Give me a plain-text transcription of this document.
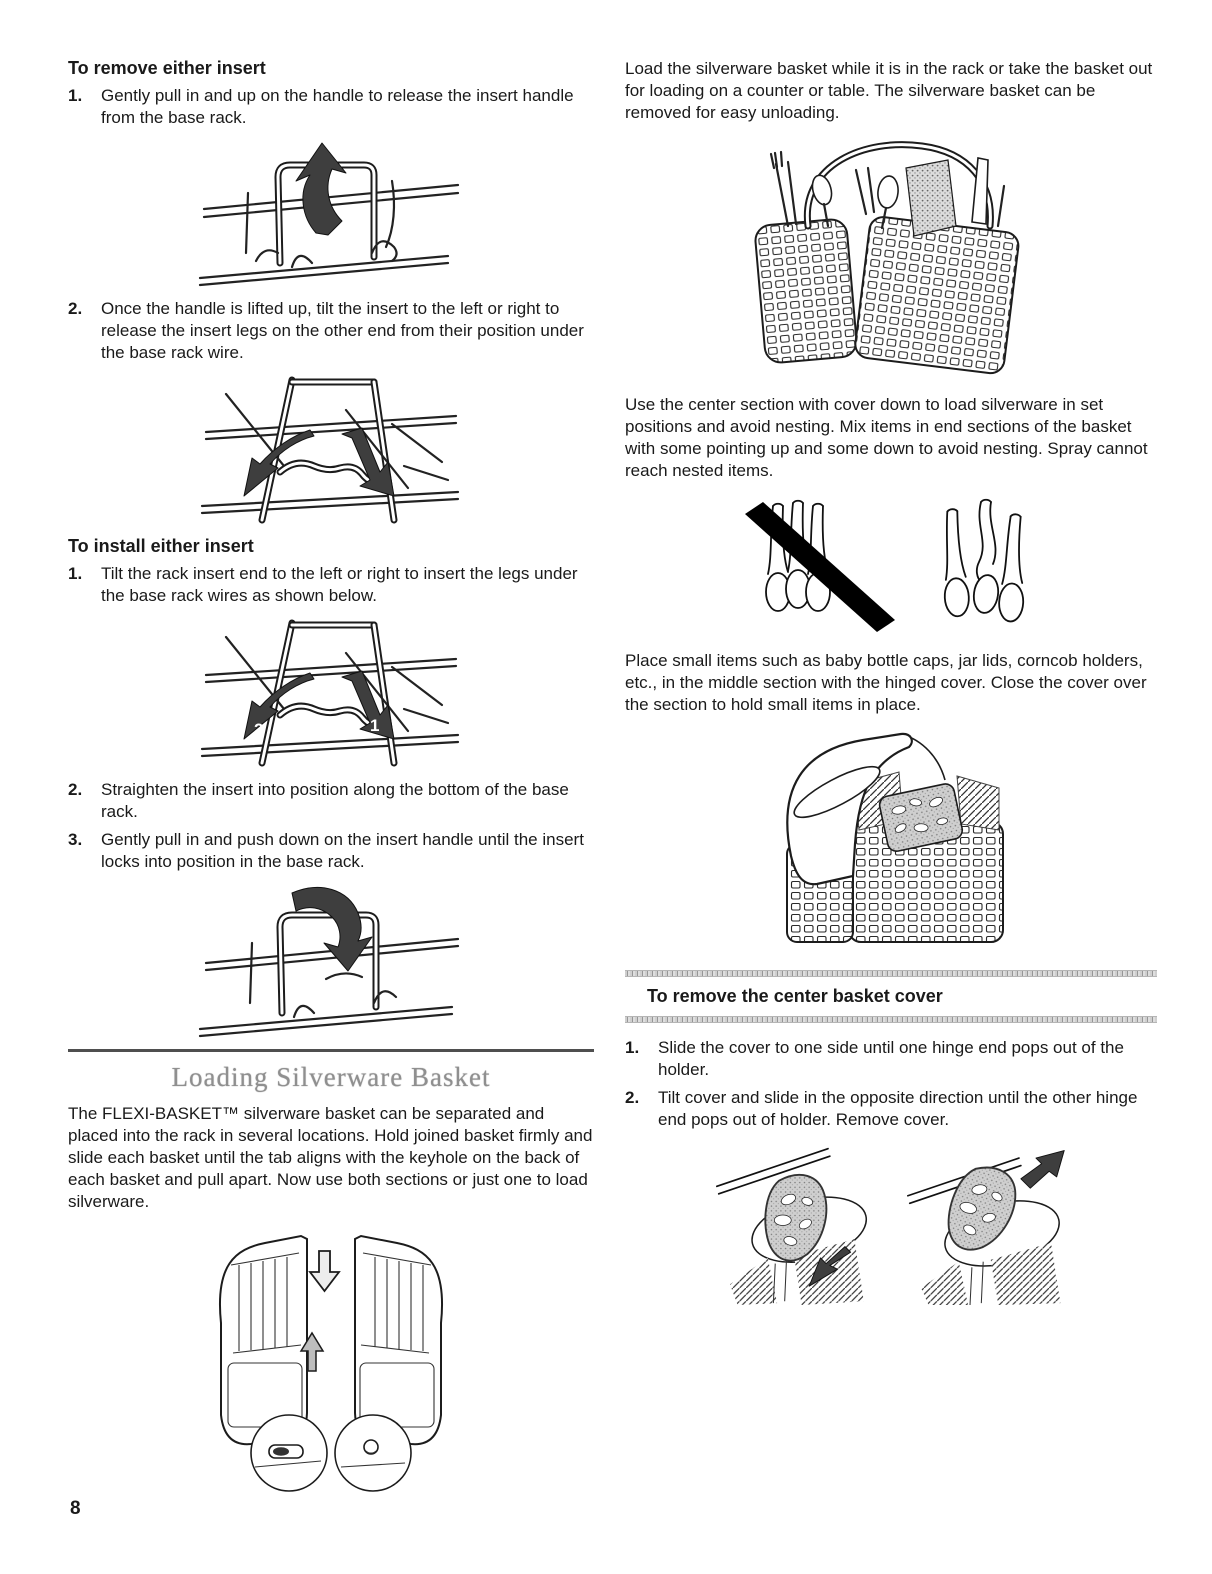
To remove either insert
1.	Gently pull in and up on the handle to release the insert handle from the base rack.
2.	Once the handle is lifted up, tilt the insert to the left or right to release the insert legs on the other end from their position under the base rack wire.
To install either insert
1.	Tilt the rack insert end to the left or right to insert the legs under the base rack wires as shown below.
2	1
2.	Straighten the insert into position along the bottom of the base rack.
3.	Gently pull in and push down on the insert handle until the insert locks into position in the base rack.
Loading Silverware Basket

The FLEXI-BASKET™ silverware basket can be separated and placed into the rack in several locations. Hold joined basket firmly and slide each basket until the tab aligns with the keyhole on the back of each basket and pull apart. Now use both sections or just one to load silverware.

Load the silverware basket while it is in the rack or take the basket out for loading on a counter or table. The silverware basket can be removed for easy unloading.

Use the center section with cover down to load silverware in set positions and avoid nesting. Mix items in end sections of the basket with some pointing up and some down to avoid nesting. Spray cannot reach nested items.

Place small items such as baby bottle caps, jar lids, corncob holders, etc., in the middle section with the hinged cover. Close the cover over the section to hold small items in place.

To remove the center basket cover
1.	Slide the cover to one side until one hinge end pops out of the holder.
2.	Tilt cover and slide in the opposite direction until the other hinge end pops out of holder. Remove cover.
8
